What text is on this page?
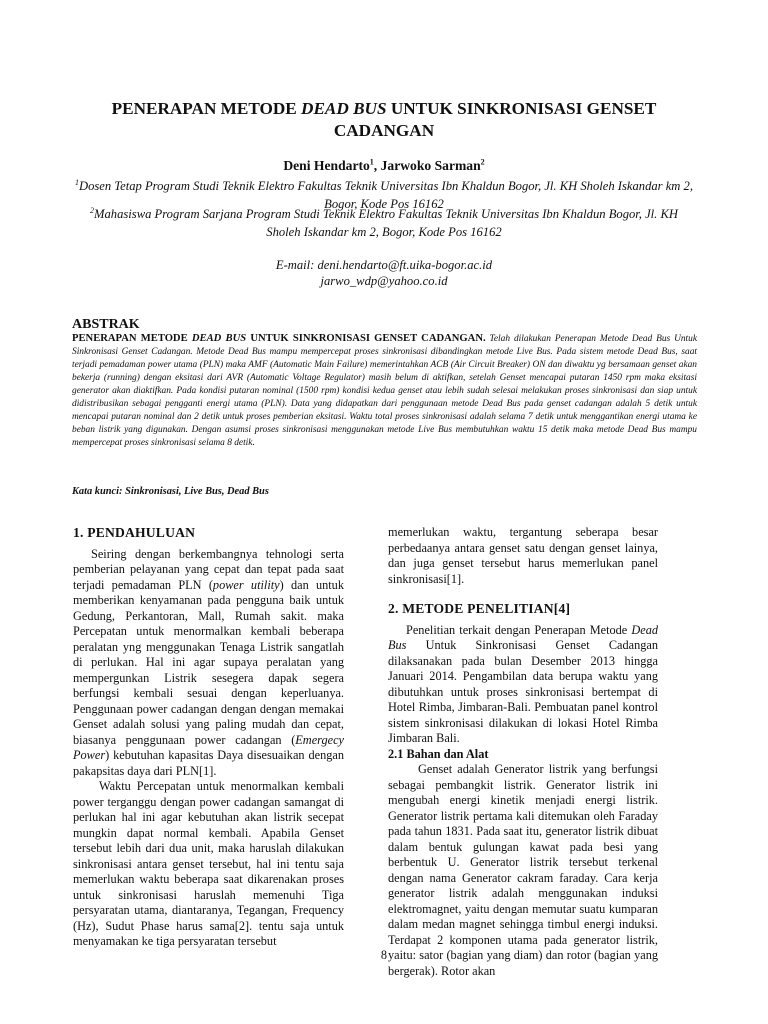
PENERAPAN METODE DEAD BUS UNTUK SINKRONISASI GENSET CADANGAN

Deni Hendarto$^1$, Jarwoko Sarman$^2$

$^1$Dosen Tetap Program Studi Teknik Elektro Fakultas Teknik Universitas Ibn Khaldun Bogor, Jl. KH Sholeh Iskandar km 2, Bogor, Kode Pos 16162

$^2$Mahasiswa Program Sarjana Program Studi Teknik Elektro Fakultas Teknik Universitas Ibn Khaldun Bogor, Jl. KH Sholeh Iskandar km 2, Bogor, Kode Pos 16162

E-mail: deni.hendarto@ft.uika-bogor.ac.id
jarwo_wdp@yahoo.co.id
ABSTRAK

PENERAPAN METODE DEAD BUS UNTUK SINKRONISASI GENSET CADANGAN. Telah dilakukan Penerapan Metode Dead Bus Untuk Sinkronisasi Genset Cadangan. Metode Dead Bus mampu mempercepat proses sinkronisasi dibandingkan metode Live Bus. Pada sistem metode Dead Bus, saat terjadi pemadaman power utama (PLN) maka AMF (Automatic Main Failure) memerintahkan ACB (Air Circuit Breaker) ON dan diwaktu yg bersamaan genset akan bekerja (running) dengan eksitasi dari AVR (Automatic Voltage Regulator) masih belum di aktifkan, setelah Genset mencapai putaran 1450 rpm maka eksitasi generator akan diaktifkan. Pada kondisi putaran nominal (1500 rpm) kondisi kedua genset atau lebih sudah selesai melakukan proses sinkronisasi dan siap untuk didistribusikan sebagai pengganti energi utama (PLN). Data yang didapatkan dari penggunaan metode Dead Bus pada genset cadangan adalah 5 detik untuk mencapai putaran nominal dan 2 detik untuk proses pemberian eksitasi. Waktu total proses sinkronisasi adalah selama 7 detik untuk menggantikan energi utama ke beban listrik yang digunakan. Dengan asumsi proses sinkronisasi menggunakan metode Live Bus membutuhkan waktu 15 detik maka metode Dead Bus mampu mempercepat proses sinkronisasi selama 8 detik.

Kata kunci: Sinkronisasi, Live Bus, Dead Bus

1. PENDAHULUAN

Seiring dengan berkembangnya tehnologi serta pemberian pelayanan yang cepat dan tepat pada saat terjadi pemadaman PLN (power utility) dan untuk memberikan kenyamanan pada pengguna baik untuk Gedung, Perkantoran, Mall, Rumah sakit. maka Percepatan untuk menormalkan kembali beberapa peralatan yng menggunakan Tenaga Listrik sangatlah di perlukan. Hal ini agar supaya peralatan yang mempergunkan Listrik sesegera dapak segera berfungsi kembali sesuai dengan keperluanya. Penggunaan power cadangan dengan dengan memakai Genset adalah solusi yang paling mudah dan cepat, biasanya penggunaan power cadangan (Emergecy Power) kebutuhan kapasitas Daya disesuaikan dengan pakapsitas daya dari PLN[1].

Waktu Percepatan untuk menormalkan kembali power terganggu dengan power cadangan samangat di perlukan hal ini agar kebutuhan akan listrik secepat mungkin dapat normal kembali. Apabila Genset tersebut lebih dari dua unit, maka haruslah dilakukan sinkronisasi antara genset tersebut, hal ini tentu saja memerlukan waktu beberapa saat dikarenakan proses untuk sinkronisasi haruslah memenuhi Tiga persyaratan utama, diantaranya, Tegangan, Frequency (Hz), Sudut Phase harus sama[2]. tentu saja untuk menyamakan ke tiga persyaratan tersebut

memerlukan waktu, tergantung seberapa besar perbedaanya antara genset satu dengan genset lainya, dan juga genset tersebut harus memerlukan panel sinkronisasi[1].

2. METODE PENELITIAN[4]

Penelitian terkait dengan Penerapan Metode Dead Bus Untuk Sinkronisasi Genset Cadangan dilaksanakan pada bulan Desember 2013 hingga Januari 2014. Pengambilan data berupa waktu yang dibutuhkan untuk proses sinkronisasi bertempat di Hotel Rimba, Jimbaran-Bali. Pembuatan panel kontrol sistem sinkronisasi dilakukan di lokasi Hotel Rimba Jimbaran Bali.

2.1 Bahan dan Alat

Genset adalah Generator listrik yang berfungsi sebagai pembangkit listrik. Generator listrik ini mengubah energi kinetik menjadi energi listrik. Generator listrik pertama kali ditemukan oleh Faraday pada tahun 1831. Pada saat itu, generator listrik dibuat dalam bentuk gulungan kawat pada besi yang berbentuk U. Generator listrik tersebut terkenal dengan nama Generator cakram faraday. Cara kerja generator listrik adalah menggunakan induksi elektromagnet, yaitu dengan memutar suatu kumparan dalam medan magnet sehingga timbul energi induksi. Terdapat 2 komponen utama pada generator listrik, yaitu: sator (bagian yang diam) dan rotor (bagian yang bergerak). Rotor akan

8
